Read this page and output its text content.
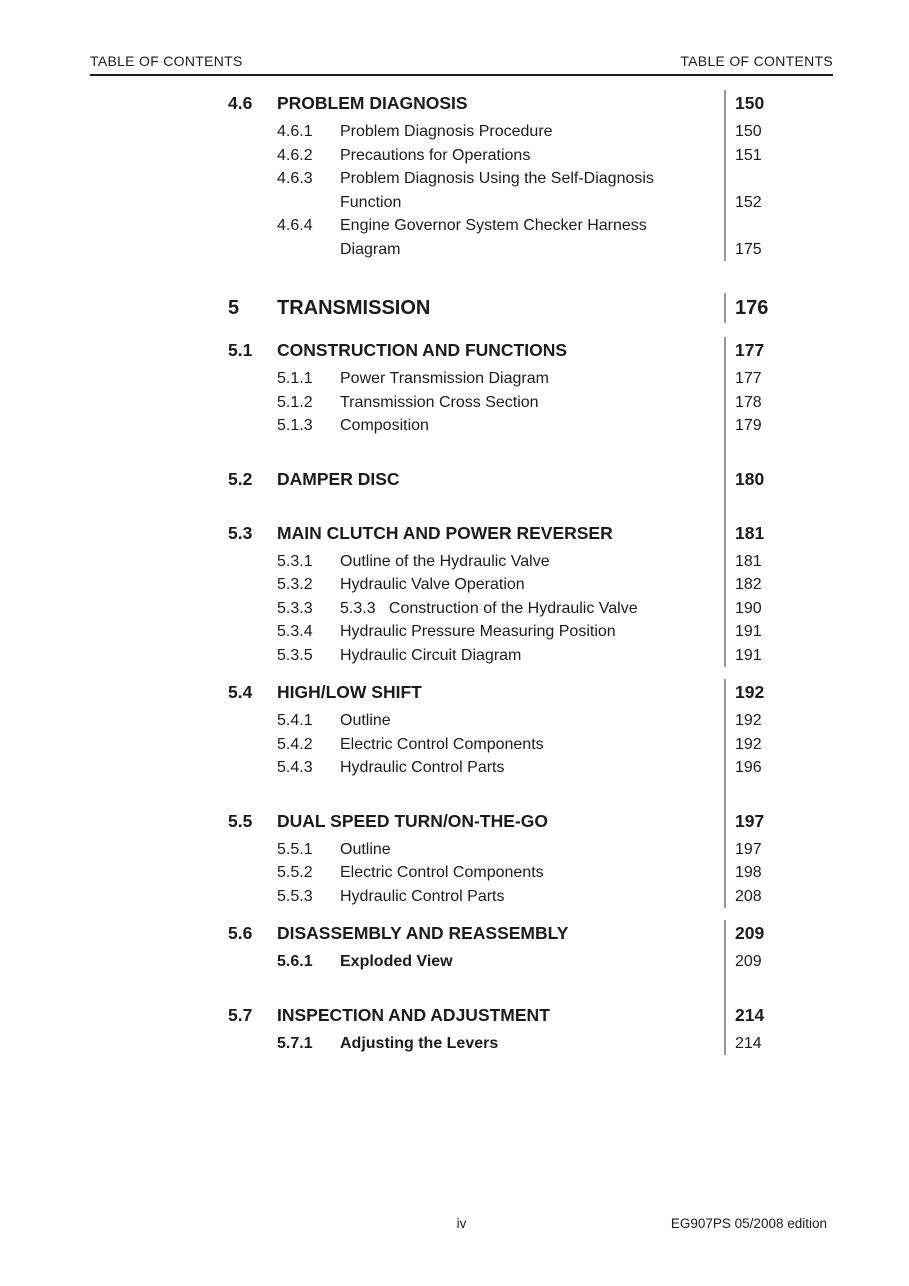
TABLE OF CONTENTS	TABLE OF CONTENTS
4.6	PROBLEM DIAGNOSIS	150
4.6.1	Problem Diagnosis Procedure	150
4.6.2	Precautions for Operations	151
4.6.3	Problem Diagnosis Using the Self-Diagnosis
Function	152
4.6.4	Engine Governor System Checker Harness
Diagram	175
5	TRANSMISSION	176
5.1	CONSTRUCTION AND FUNCTIONS	177
5.1.1	Power Transmission Diagram	177
5.1.2	Transmission Cross Section	178
5.1.3	Composition	179
5.2	DAMPER DISC	180
5.3	MAIN CLUTCH AND POWER REVERSER	181
5.3.1	Outline of the Hydraulic Valve	181
5.3.2	Hydraulic Valve Operation	182
5.3.3	5.3.3   Construction of the Hydraulic Valve	190
5.3.4	Hydraulic Pressure Measuring Position	191
5.3.5	Hydraulic Circuit Diagram	191
5.4	HIGH/LOW SHIFT	192
5.4.1	Outline	192
5.4.2	Electric Control Components	192
5.4.3	Hydraulic Control Parts	196
5.5	DUAL SPEED TURN/ON-THE-GO	197
5.5.1	Outline	197
5.5.2	Electric Control Components	198
5.5.3	Hydraulic Control Parts	208
5.6	DISASSEMBLY AND REASSEMBLY	209
5.6.1	Exploded View	209
5.7	INSPECTION AND ADJUSTMENT	214
5.7.1	Adjusting the Levers	214
iv	EG907PS 05/2008 edition
